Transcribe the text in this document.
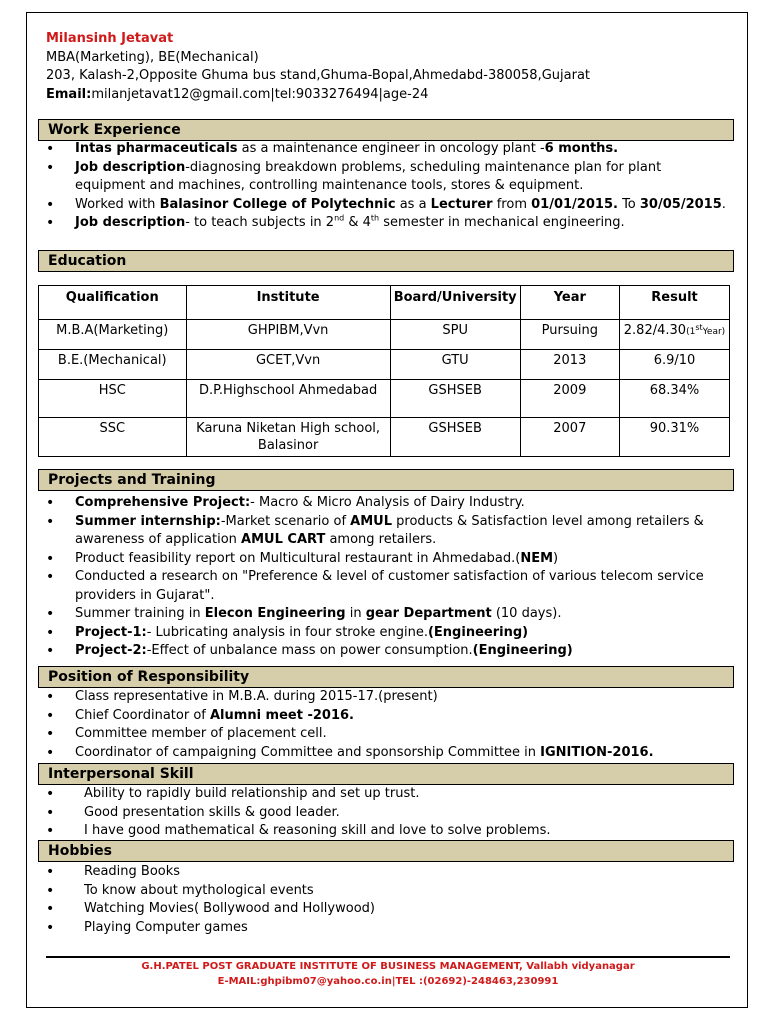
Milansinh Jetavat
MBA(Marketing), BE(Mechanical)
203, Kalash-2,Opposite Ghuma bus stand,Ghuma-Bopal,Ahmedabd-380058,Gujarat
Email:milanjetavat12@gmail.com|tel:9033276494|age-24
Work Experience
• Intas pharmaceuticals as a maintenance engineer in oncology plant -6 months.
• Job description-diagnosing breakdown problems, scheduling maintenance plan for plant equipment and machines, controlling maintenance tools, stores & equipment.
• Worked with Balasinor College of Polytechnic as a Lecturer from 01/01/2015. To 30/05/2015.
• Job description- to teach subjects in 2nd & 4th semester in mechanical engineering.
Education
Qualification	Institute	Board/University	Year	Result
M.B.A(Marketing)	GHPIBM,Vvn	SPU	Pursuing	2.82/4.30(1stYear)
B.E.(Mechanical)	GCET,Vvn	GTU	2013	6.9/10
HSC	D.P.Highschool Ahmedabad	GSHSEB	2009	68.34%
SSC	Karuna Niketan High school, Balasinor	GSHSEB	2007	90.31%
Projects and Training
• Comprehensive Project:- Macro & Micro Analysis of Dairy Industry.
• Summer internship:-Market scenario of AMUL products & Satisfaction level among retailers & awareness of application AMUL CART among retailers.
• Product feasibility report on Multicultural restaurant in Ahmedabad.(NEM)
• Conducted a research on "Preference & level of customer satisfaction of various telecom service providers in Gujarat".
• Summer training in Elecon Engineering in gear Department (10 days).
• Project-1:- Lubricating analysis in four stroke engine.(Engineering)
• Project-2:-Effect of unbalance mass on power consumption.(Engineering)
Position of Responsibility
• Class representative in M.B.A. during 2015-17.(present)
• Chief Coordinator of Alumni meet -2016.
• Committee member of placement cell.
• Coordinator of campaigning Committee and sponsorship Committee in IGNITION-2016.
Interpersonal Skill
• Ability to rapidly build relationship and set up trust.
• Good presentation skills & good leader.
• I have good mathematical & reasoning skill and love to solve problems.
Hobbies
• Reading Books
• To know about mythological events
• Watching Movies( Bollywood and Hollywood)
• Playing Computer games
G.H.PATEL POST GRADUATE INSTITUTE OF BUSINESS MANAGEMENT, Vallabh vidyanagar
E-MAIL:ghpibm07@yahoo.co.in|TEL :(02692)-248463,230991
